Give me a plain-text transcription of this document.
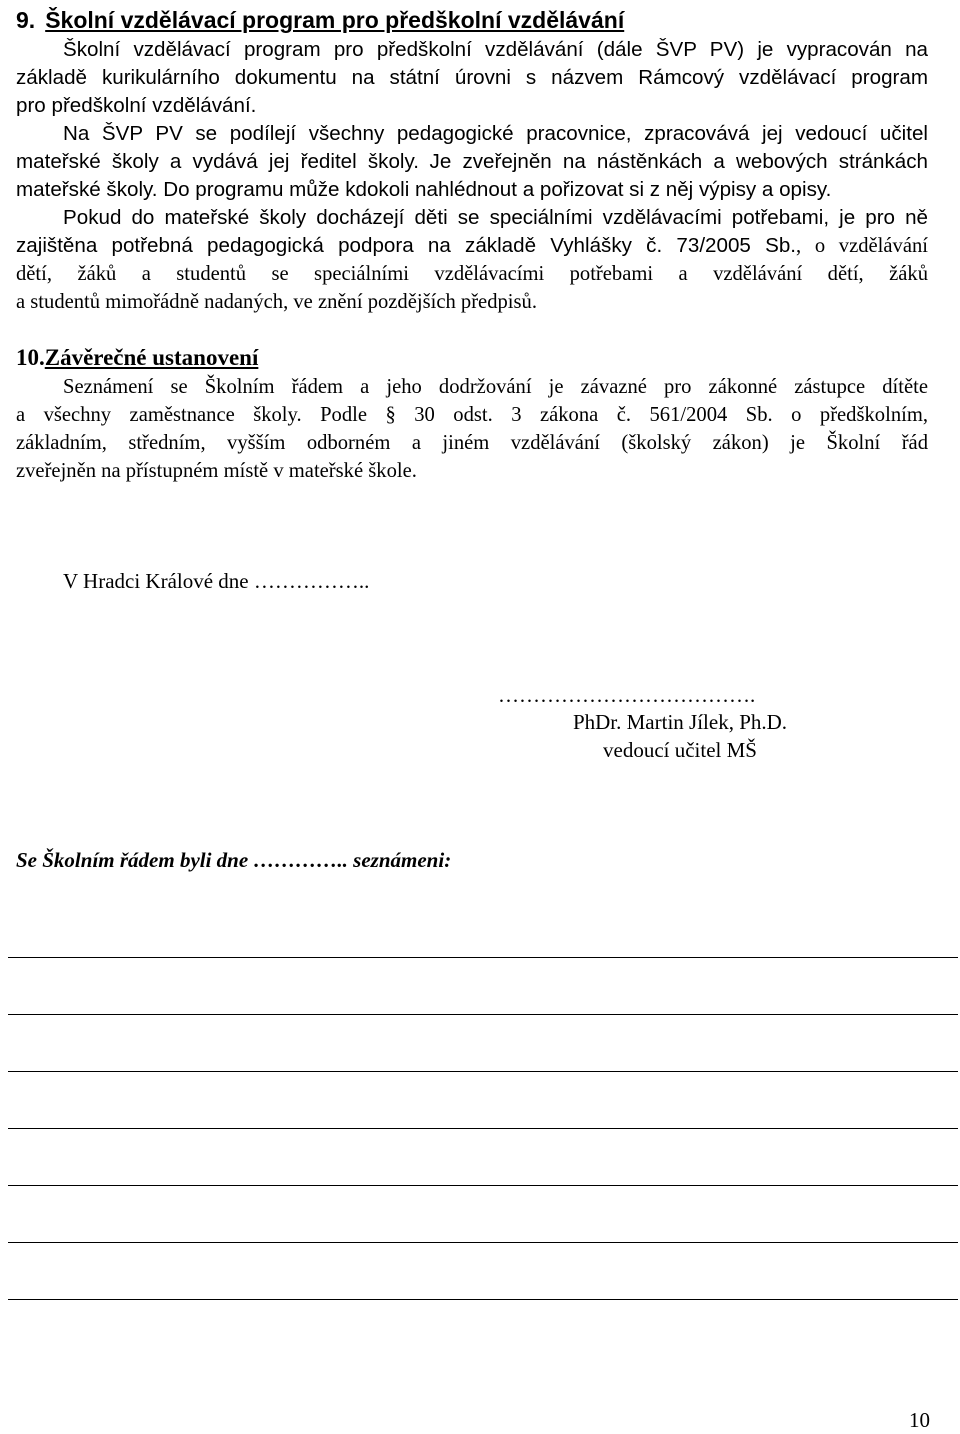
9. Školní vzdělávací program pro předškolní vzdělávání
Školní vzdělávací program pro předškolní vzdělávání (dále ŠVP PV) je vypracován na
základě kurikulárního dokumentu na státní úrovni s názvem Rámcový vzdělávací program
pro předškolní vzdělávání.
Na ŠVP PV se podílejí všechny pedagogické pracovnice, zpracovává jej vedoucí učitel
mateřské školy a vydává jej ředitel školy. Je zveřejněn na nástěnkách a webových stránkách
mateřské školy. Do programu může kdokoli nahlédnout a pořizovat si z něj výpisy a opisy.
Pokud do mateřské školy docházejí děti se speciálními vzdělávacími potřebami, je pro ně
zajištěna potřebná pedagogická podpora na základě Vyhlášky č. 73/2005 Sb., o vzdělávání
dětí, žáků a studentů se speciálními vzdělávacími potřebami a vzdělávání dětí, žáků
a studentů mimořádně nadaných, ve znění pozdějších předpisů.
10.Závěrečné ustanovení
Seznámení se Školním řádem a jeho dodržování je závazné pro zákonné zástupce dítěte
a všechny zaměstnance školy. Podle § 30 odst. 3 zákona č. 561/2004 Sb. o předškolním,
základním, středním, vyšším odborném a jiném vzdělávání (školský zákon) je Školní řád
zveřejněn na přístupném místě v mateřské škole.
V Hradci Králové dne ……………..
……………………………….
PhDr. Martin Jílek, Ph.D.
vedoucí učitel MŠ
Se Školním řádem byli dne ………….. seznámeni:
10
